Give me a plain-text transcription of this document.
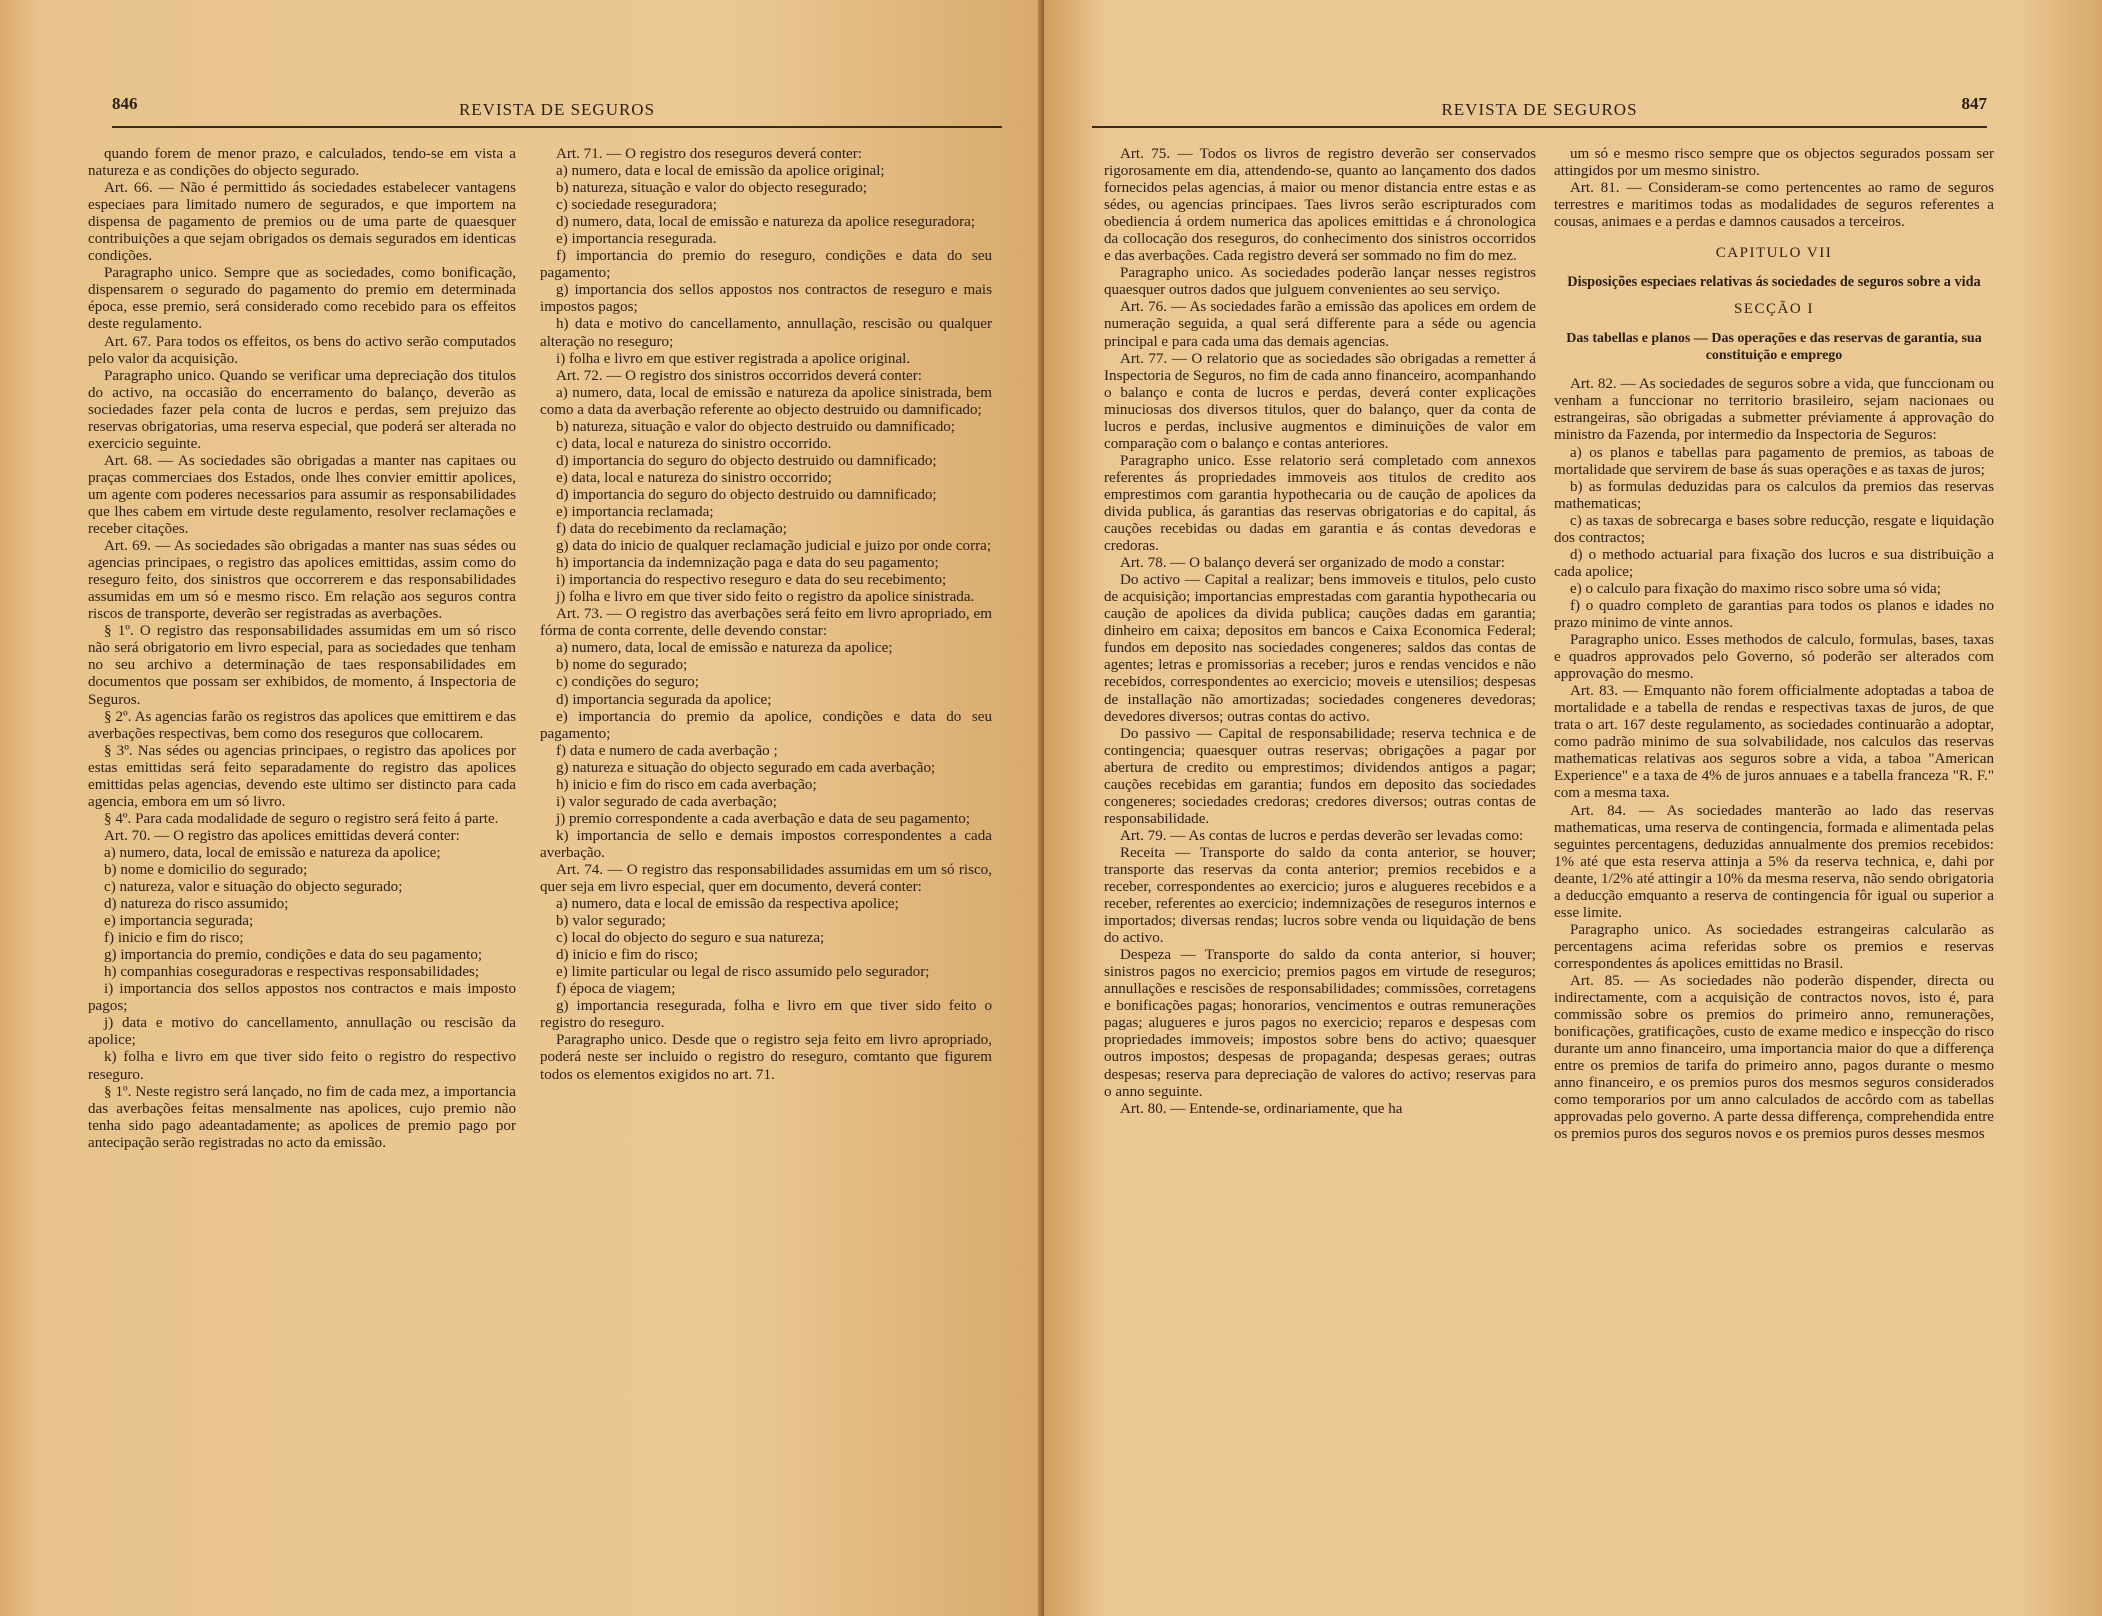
846	REVISTA DE SEGUROS

quando forem de menor prazo, e calculados, tendo-se em vista a natureza e as condições do objecto segurado.

Art. 66. — Não é permittido ás sociedades estabelecer vantagens especiaes para limitado numero de segurados, e que importem na dispensa de pagamento de premios ou de uma parte de quaesquer contribuições a que sejam obrigados os demais segurados em identicas condições.

Paragrapho unico. Sempre que as sociedades, como bonificação, dispensarem o segurado do pagamento do premio em determinada época, esse premio, será considerado como recebido para os effeitos deste regulamento.

Art. 67. Para todos os effeitos, os bens do activo serão computados pelo valor da acquisição.

Paragrapho unico. Quando se verificar uma depreciação dos titulos do activo, na occasião do encerramento do balanço, deverão as sociedades fazer pela conta de lucros e perdas, sem prejuizo das reservas obrigatorias, uma reserva especial, que poderá ser alterada no exercicio seguinte.

Art. 68. — As sociedades são obrigadas a manter nas capitaes ou praças commerciaes dos Estados, onde lhes convier emittir apolices, um agente com poderes necessarios para assumir as responsabilidades que lhes cabem em virtude deste regulamento, resolver reclamações e receber citações.

Art. 69. — As sociedades são obrigadas a manter nas suas sédes ou agencias principaes, o registro das apolices emittidas, assim como do reseguro feito, dos sinistros que occorrerem e das responsabilidades assumidas em um só e mesmo risco. Em relação aos seguros contra riscos de transporte, deverão ser registradas as averbações.

§ 1º. O registro das responsabilidades assumidas em um só risco não será obrigatorio em livro especial, para as sociedades que tenham no seu archivo a determinação de taes responsabilidades em documentos que possam ser exhibidos, de momento, á Inspectoria de Seguros.

§ 2º. As agencias farão os registros das apolices que emittirem e das averbações respectivas, bem como dos reseguros que collocarem.

§ 3º. Nas sédes ou agencias principaes, o registro das apolices por estas emittidas será feito separadamente do registro das apolices emittidas pelas agencias, devendo este ultimo ser distincto para cada agencia, embora em um só livro.

§ 4º. Para cada modalidade de seguro o registro será feito á parte.

Art. 70. — O registro das apolices emittidas deverá conter:

a) numero, data, local de emissão e natureza da apolice;

b) nome e domicilio do segurado;

c) natureza, valor e situação do objecto segurado;

d) natureza do risco assumido;

e) importancia segurada;

f) inicio e fim do risco;

g) importancia do premio, condições e data do seu pagamento;

h) companhias coseguradoras e respectivas responsabilidades;

i) importancia dos sellos appostos nos contractos e mais imposto pagos;

j) data e motivo do cancellamento, annullação ou rescisão da apolice;

k) folha e livro em que tiver sido feito o registro do respectivo reseguro.

§ 1º. Neste registro será lançado, no fim de cada mez, a importancia das averbações feitas mensalmente nas apolices, cujo premio não tenha sido pago adeantadamente; as apolices de premio pago por antecipação serão registradas no acto da emissão.

Art. 71. — O registro dos reseguros deverá conter:

a) numero, data e local de emissão da apolice original;

b) natureza, situação e valor do objecto resegurado;

c) sociedade reseguradora;

d) numero, data, local de emissão e natureza da apolice reseguradora;

e) importancia resegurada.

f) importancia do premio do reseguro, condições e data do seu pagamento;

g) importancia dos sellos appostos nos contractos de reseguro e mais impostos pagos;

h) data e motivo do cancellamento, annullação, rescisão ou qualquer alteração no reseguro;

i) folha e livro em que estiver registrada a apolice original.

Art. 72. — O registro dos sinistros occorridos deverá conter:

a) numero, data, local de emissão e natureza da apolice sinistrada, bem como a data da averbação referente ao objecto destruido ou damnificado;

b) natureza, situação e valor do objecto destruido ou damnificado;

c) data, local e natureza do sinistro occorrido.

d) importancia do seguro do objecto destruido ou damnificado;

e) data, local e natureza do sinistro occorrido;

d) importancia do seguro do objecto destruido ou damnificado;

e) importancia reclamada;

f) data do recebimento da reclamação;

g) data do inicio de qualquer reclamação judicial e juizo por onde corra;

h) importancia da indemnização paga e data do seu pagamento;

i) importancia do respectivo reseguro e data do seu recebimento;

j) folha e livro em que tiver sido feito o registro da apolice sinistrada.

Art. 73. — O registro das averbações será feito em livro apropriado, em fórma de conta corrente, delle devendo constar:

a) numero, data, local de emissão e natureza da apolice;

b) nome do segurado;

c) condições do seguro;

d) importancia segurada da apolice;

e) importancia do premio da apolice, condições e data do seu pagamento;

f) data e numero de cada averbação ;

g) natureza e situação do objecto segurado em cada averbação;

h) inicio e fim do risco em cada averbação;

i) valor segurado de cada averbação;

j) premio correspondente a cada averbação e data de seu pagamento;

k) importancia de sello e demais impostos correspondentes a cada averbação.

Art. 74. — O registro das responsabilidades assumidas em um só risco, quer seja em livro especial, quer em documento, deverá conter:

a) numero, data e local de emissão da respectiva apolice;

b) valor segurado;

c) local do objecto do seguro e sua natureza;

d) inicio e fim do risco;

e) limite particular ou legal de risco assumido pelo segurador;

f) época de viagem;

g) importancia resegurada, folha e livro em que tiver sido feito o registro do reseguro.

Paragrapho unico. Desde que o registro seja feito em livro apropriado, poderá neste ser incluido o registro do reseguro, comtanto que figurem todos os elementos exigidos no art. 71.

REVISTA DE SEGUROS	847

Art. 75. — Todos os livros de registro deverão ser conservados rigorosamente em dia, attendendo-se, quanto ao lançamento dos dados fornecidos pelas agencias, á maior ou menor distancia entre estas e as sédes, ou agencias principaes. Taes livros serão escripturados com obediencia á ordem numerica das apolices emittidas e á chronologica da collocação dos reseguros, do conhecimento dos sinistros occorridos e das averbações. Cada registro deverá ser sommado no fim do mez.

Paragrapho unico. As sociedades poderão lançar nesses registros quaesquer outros dados que julguem convenientes ao seu serviço.

Art. 76. — As sociedades farão a emissão das apolices em ordem de numeração seguida, a qual será differente para a séde ou agencia principal e para cada uma das demais agencias.

Art. 77. — O relatorio que as sociedades são obrigadas a remetter á Inspectoria de Seguros, no fim de cada anno financeiro, acompanhando o balanço e conta de lucros e perdas, deverá conter explicações minuciosas dos diversos titulos, quer do balanço, quer da conta de lucros e perdas, inclusive augmentos e diminuições de valor em comparação com o balanço e contas anteriores.

Paragrapho unico. Esse relatorio será completado com annexos referentes ás propriedades immoveis aos titulos de credito aos emprestimos com garantia hypothecaria ou de caução de apolices da divida publica, ás garantias das reservas obrigatorias e do capital, ás cauções recebidas ou dadas em garantia e ás contas devedoras e credoras.

Art. 78. — O balanço deverá ser organizado de modo a constar:

Do activo — Capital a realizar; bens immoveis e titulos, pelo custo de acquisição; importancias emprestadas com garantia hypothecaria ou caução de apolices da divida publica; cauções dadas em garantia; dinheiro em caixa; depositos em bancos e Caixa Economica Federal; fundos em deposito nas sociedades congeneres; saldos das contas de agentes; letras e promissorias a receber; juros e rendas vencidos e não recebidos, correspondentes ao exercicio; moveis e utensilios; despesas de installação não amortizadas; sociedades congeneres devedoras; devedores diversos; outras contas do activo.

Do passivo — Capital de responsabilidade; reserva technica e de contingencia; quaesquer outras reservas; obrigações a pagar por abertura de credito ou emprestimos; dividendos antigos a pagar; cauções recebidas em garantia; fundos em deposito das sociedades congeneres; sociedades credoras; credores diversos; outras contas de responsabilidade.

Art. 79. — As contas de lucros e perdas deverão ser levadas como:

Receita — Transporte do saldo da conta anterior, se houver; transporte das reservas da conta anterior; premios recebidos e a receber, correspondentes ao exercicio; juros e alugueres recebidos e a receber, referentes ao exercicio; indemnizações de reseguros internos e importados; diversas rendas; lucros sobre venda ou liquidação de bens do activo.

Despeza — Transporte do saldo da conta anterior, si houver; sinistros pagos no exercicio; premios pagos em virtude de reseguros; annullações e rescisões de responsabilidades; commissões, corretagens e bonificações pagas; honorarios, vencimentos e outras remunerações pagas; alugueres e juros pagos no exercicio; reparos e despesas com propriedades immoveis; impostos sobre bens do activo; quaesquer outros impostos; despesas de propaganda; despesas geraes; outras despesas; reserva para depreciação de valores do activo; reservas para o anno seguinte.

Art. 80. — Entende-se, ordinariamente, que ha

um só e mesmo risco sempre que os objectos segurados possam ser attingidos por um mesmo sinistro.

Art. 81. — Consideram-se como pertencentes ao ramo de seguros terrestres e maritimos todas as modalidades de seguros referentes a cousas, animaes e a perdas e damnos causados a terceiros.

CAPITULO VII
Disposições especiaes relativas ás sociedades de seguros sobre a vida
SECÇÃO I
Das tabellas e planos — Das operações e das reservas de garantia, sua constituição e emprego

Art. 82. — As sociedades de seguros sobre a vida, que funccionam ou venham a funccionar no territorio brasileiro, sejam nacionaes ou estrangeiras, são obrigadas a submetter préviamente á approvação do ministro da Fazenda, por intermedio da Inspectoria de Seguros:

a) os planos e tabellas para pagamento de premios, as taboas de mortalidade que servirem de base ás suas operações e as taxas de juros;

b) as formulas deduzidas para os calculos da premios das reservas mathematicas;

c) as taxas de sobrecarga e bases sobre reducção, resgate e liquidação dos contractos;

d) o methodo actuarial para fixação dos lucros e sua distribuição a cada apolice;

e) o calculo para fixação do maximo risco sobre uma só vida;

f) o quadro completo de garantias para todos os planos e idades no prazo minimo de vinte annos.

Paragrapho unico. Esses methodos de calculo, formulas, bases, taxas e quadros approvados pelo Governo, só poderão ser alterados com approvação do mesmo.

Art. 83. — Emquanto não forem officialmente adoptadas a taboa de mortalidade e a tabella de rendas e respectivas taxas de juros, de que trata o art. 167 deste regulamento, as sociedades continuarão a adoptar, como padrão minimo de sua solvabilidade, nos calculos das reservas mathematicas relativas aos seguros sobre a vida, a taboa "American Experience" e a taxa de 4% de juros annuaes e a tabella franceza "R. F." com a mesma taxa.

Art. 84. — As sociedades manterão ao lado das reservas mathematicas, uma reserva de contingencia, formada e alimentada pelas seguintes percentagens, deduzidas annualmente dos premios recebidos: 1% até que esta reserva attinja a 5% da reserva technica, e, dahi por deante, 1/2% até attingir a 10% da mesma reserva, não sendo obrigatoria a deducção emquanto a reserva de contingencia fôr igual ou superior a esse limite.

Paragrapho unico. As sociedades estrangeiras calcularão as percentagens acima referidas sobre os premios e reservas correspondentes ás apolices emittidas no Brasil.

Art. 85. — As sociedades não poderão dispender, directa ou indirectamente, com a acquisição de contractos novos, isto é, para commissão sobre os premios do primeiro anno, remunerações, bonificações, gratificações, custo de exame medico e inspecção do risco durante um anno financeiro, uma importancia maior do que a differença entre os premios de tarifa do primeiro anno, pagos durante o mesmo anno financeiro, e os premios puros dos mesmos seguros considerados como temporarios por um anno calculados de accôrdo com as tabellas approvadas pelo governo. A parte dessa differença, comprehendida entre os premios puros dos seguros novos e os premios puros desses mesmos
